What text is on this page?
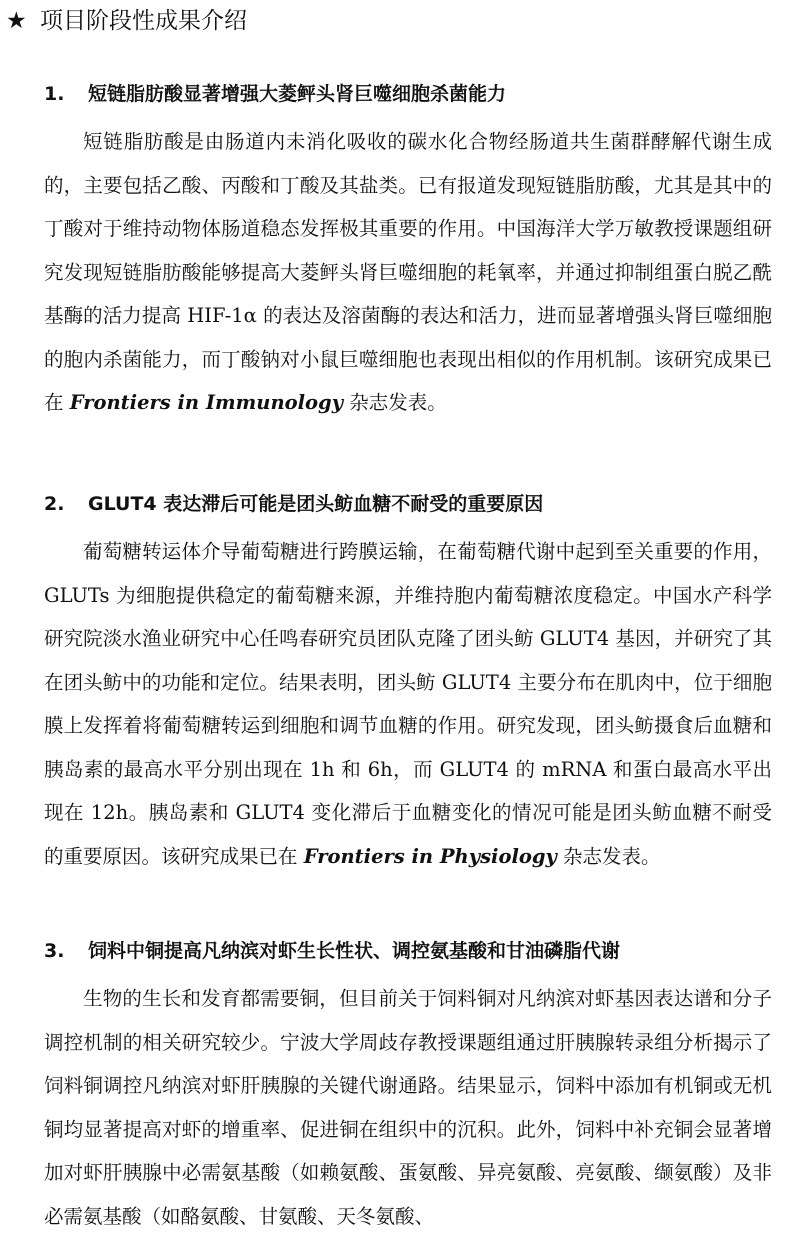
★ 项目阶段性成果介绍
1. 短链脂肪酸显著增强大菱鲆头肾巨噬细胞杀菌能力

短链脂肪酸是由肠道内未消化吸收的碳水化合物经肠道共生菌群酵解代谢生成的，主要包括乙酸、丙酸和丁酸及其盐类。已有报道发现短链脂肪酸，尤其是其中的丁酸对于维持动物体肠道稳态发挥极其重要的作用。中国海洋大学万敏教授课题组研究发现短链脂肪酸能够提高大菱鲆头肾巨噬细胞的耗氧率，并通过抑制组蛋白脱乙酰基酶的活力提高 HIF-1α 的表达及溶菌酶的表达和活力，进而显著增强头肾巨噬细胞的胞内杀菌能力，而丁酸钠对小鼠巨噬细胞也表现出相似的作用机制。该研究成果已在 Frontiers in Immunology 杂志发表。

2. GLUT4 表达滞后可能是团头鲂血糖不耐受的重要原因

葡萄糖转运体介导葡萄糖进行跨膜运输，在葡萄糖代谢中起到至关重要的作用，GLUTs 为细胞提供稳定的葡萄糖来源，并维持胞内葡萄糖浓度稳定。中国水产科学研究院淡水渔业研究中心任鸣春研究员团队克隆了团头鲂 GLUT4 基因，并研究了其在团头鲂中的功能和定位。结果表明，团头鲂 GLUT4 主要分布在肌肉中，位于细胞膜上发挥着将葡萄糖转运到细胞和调节血糖的作用。研究发现，团头鲂摄食后血糖和胰岛素的最高水平分别出现在 1h 和 6h，而 GLUT4 的 mRNA 和蛋白最高水平出现在 12h。胰岛素和 GLUT4 变化滞后于血糖变化的情况可能是团头鲂血糖不耐受的重要原因。该研究成果已在 Frontiers in Physiology 杂志发表。

3. 饲料中铜提高凡纳滨对虾生长性状、调控氨基酸和甘油磷脂代谢

生物的生长和发育都需要铜，但目前关于饲料铜对凡纳滨对虾基因表达谱和分子调控机制的相关研究较少。宁波大学周歧存教授课题组通过肝胰腺转录组分析揭示了饲料铜调控凡纳滨对虾肝胰腺的关键代谢通路。结果显示，饲料中添加有机铜或无机铜均显著提高对虾的增重率、促进铜在组织中的沉积。此外，饲料中补充铜会显著增加对虾肝胰腺中必需氨基酸（如赖氨酸、蛋氨酸、异亮氨酸、亮氨酸、缬氨酸）及非必需氨基酸（如酪氨酸、甘氨酸、天冬氨酸、
